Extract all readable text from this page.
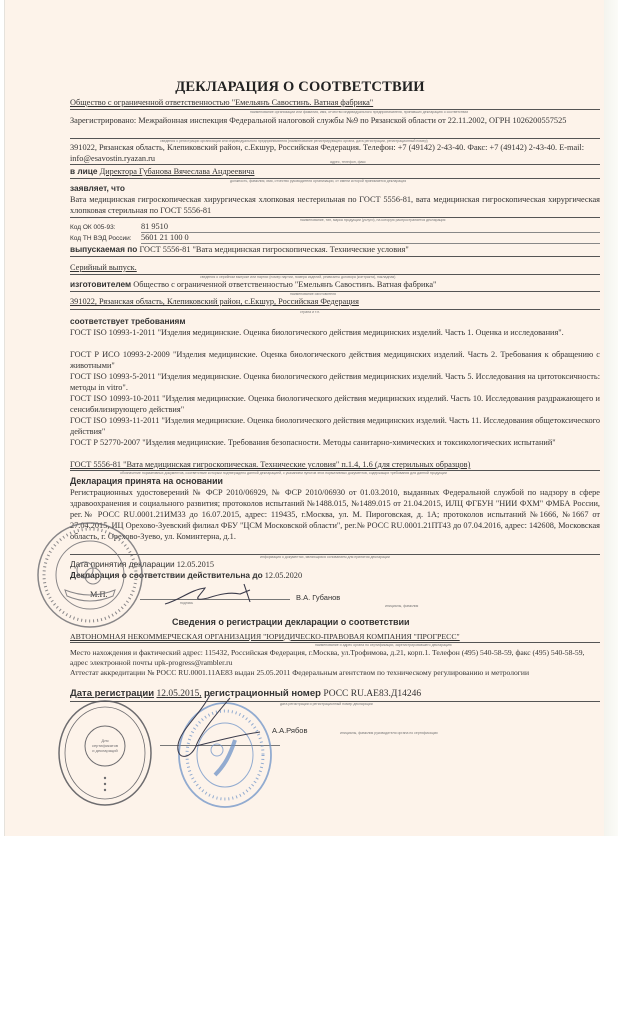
ДЕКЛАРАЦИЯ О СООТВЕТСТВИИ
Общество с ограниченной ответственностью "Емельянъ Савостинъ. Ватная фабрика"
наименование организации или фамилия, имя, отчество индивидуального предпринимателя, принявших декларацию о соответствии
Зарегистрировано: Межрайонная инспекция Федеральной налоговой службы №9 по Рязанской области от 22.11.2002, ОГРН 1026200557525
сведения о регистрации организации или индивидуального предпринимателя (наименование регистрирующего органа, дата регистрации, регистрационный номер)
391022, Рязанская область, Клепиковский район, с.Екшур, Российская Федерация. Телефон: +7 (49142) 2-43-40. Факс: +7 (49142) 2-43-40. E-mail: info@esavostin.ryazan.ru	адрес, телефон, факс
в лице Директора Губанова Вячеслава Андреевича
должность, фамилия, имя, отчество руководителя организации, от имени которой принимается декларация
заявляет, что
Вата медицинская гигроскопическая хирургическая хлопковая нестерильная по ГОСТ 5556-81, вата медицинская гигроскопическая хирургическая хлопковая стерильная по ГОСТ 5556-81
наименование, тип, марка продукции (услуги), на которую распространяется декларация
Код ОК 005-93:	81 9510
Код ТН ВЭД России: 5601 21 100 0
выпускаемая по ГОСТ 5556-81 "Вата медицинская гигроскопическая. Технические условия"
Серийный выпуск.
сведения о серийном выпуске или партии (номер партии, номера изделий, реквизиты договора (контракта), накладная)
изготовителем Общество с ограниченной ответственностью "Емельянъ Савостинъ. Ватная фабрика"
наименование изготовителя
391022, Рязанская область, Клепиковский район, с.Екшур, Российская Федерация
страна и т.п.
соответствует требованиям
ГОСТ ISO 10993-1-2011 "Изделия медицинские. Оценка биологического действия медицинских изделий. Часть 1. Оценка и исследования".
ГОСТ Р ИСО 10993-2-2009 "Изделия медицинские. Оценка биологического действия медицинских изделий. Часть 2. Требования к обращению с животными"
ГОСТ ISO 10993-5-2011 "Изделия медицинские. Оценка биологического действия медицинских изделий. Часть 5. Исследования на цитотоксичность: методы in vitro".
ГОСТ ISO 10993-10-2011 "Изделия медицинские. Оценка биологического действия медицинских изделий. Часть 10. Исследования раздражающего и сенсибилизирующего действия"
ГОСТ ISO 10993-11-2011 "Изделия медицинские. Оценка биологического действия медицинских изделий. Часть 11. Исследования общетоксического действия"
ГОСТ Р 52770-2007 "Изделия медицинские. Требования безопасности. Методы санитарно-химических и токсикологических испытаний"
ГОСТ 5556-81 "Вата медицинская гигроскопическая. Технические условия" п.1.4, 1.6 (для стерильных образцов)
обозначение нормативных документов, соответствие которым подтверждено данной декларацией, с указанием пунктов этих нормативных документов, содержащих требования для данной продукции
Декларация принята на основании
Регистрационных удостоверений № ФСР 2010/06929, № ФСР 2010/06930 от 01.03.2010, выданных Федеральной службой по надзору в сфере здравоохранения и социального развития; протоколов испытаний №1488.015, №1489.015 от 21.04.2015, ИЛЦ ФГБУН "НИИ ФХМ" ФМБА России, рег.№ РОСС RU.0001.21ИМ33 до 16.07.2015, адрес: 119435, г.Москва, ул. М. Пироговская, д. 1А; протоколов испытаний №1666, №1667 от 27.04.2015, ИЦ Орехово-Зуевский филиал ФБУ "ЦСМ Московской области", рег.№ РОСС RU.0001.21ПТ43 до 07.04.2016, адрес: 142608, Московская область, г. Орехово-Зуево, ул. Коминтерна, д.1.
информация о документах, являющихся основанием для принятия декларации
Дата принятия декларации 12.05.2015
Декларация о соответствии действительна до 12.05.2020
М.П.
подпись
В.А. Губанов
инициалы, фамилия
Сведения о регистрации декларации о соответствии
АВТОНОМНАЯ НЕКОММЕРЧЕСКАЯ ОРГАНИЗАЦИЯ "ЮРИДИЧЕСКО-ПРАВОВАЯ КОМПАНИЯ "ПРОГРЕСС"
наименование и адрес органа по сертификации, зарегистрировавшего декларацию
Место нахождения и фактический адрес: 115432, Российская Федерация, г.Москва, ул.Трофимова, д.21, корп.1. Телефон (495) 540-58-59, факс (495) 540-58-59, адрес электронной почты upk-progress@rambler.ru
Аттестат аккредитации № РОСС RU.0001.11АЕ83 выдан 25.05.2011 Федеральным агентством по техническому регулированию и метрологии
Дата регистрации 12.05.2015, регистрационный номер РОСС RU.АЕ83.Д14246
дата регистрации и регистрационный номер декларации
А.А.Рябов	инициалы, фамилия руководителя органа по сертификации
Для
сертификатов
и деклараций
